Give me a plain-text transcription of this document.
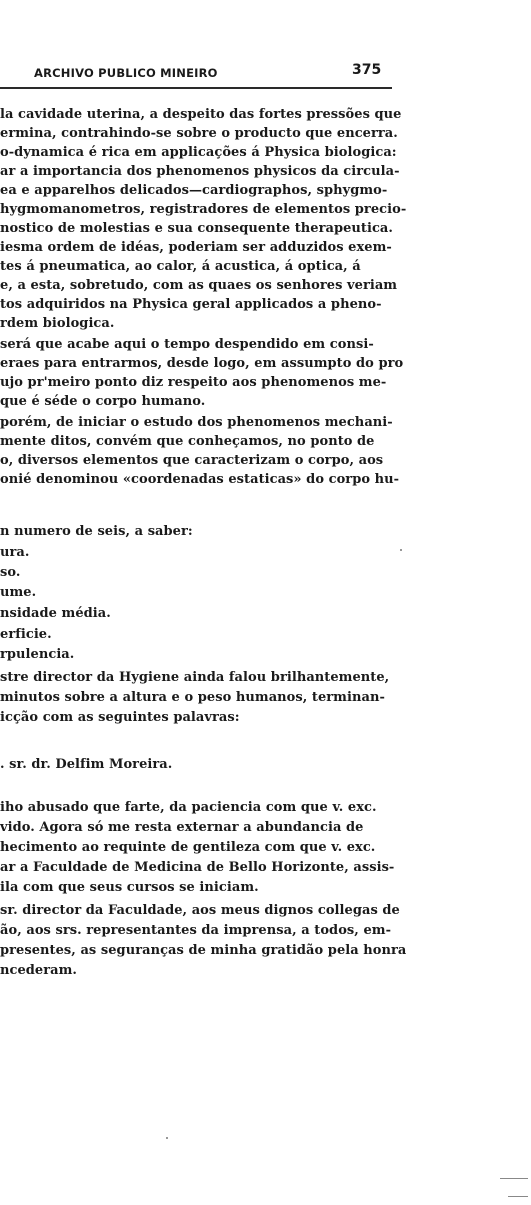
ARCHIVO PUBLICO MINEIRO	375
la cavidade uterina, a despeito das fortes pressões que
ermina, contrahindo-se sobre o producto que encerra.
o-dynamica é rica em applicações á Physica biologica:
ar a importancia dos phenomenos physicos da circula-
ea e apparelhos delicados—cardiographos, sphygmo-
hygmomanometros, registradores de elementos precio-
nostico de molestias e sua consequente therapeutica.
iesma ordem de idéas, poderiam ser adduzidos exem-
tes á pneumatica, ao calor, á acustica, á optica, á
e, a esta, sobretudo, com as quaes os senhores veriam
tos adquiridos na Physica geral applicados a pheno-
rdem biologica.
será que acabe aqui o tempo despendido em consi-
eraes para entrarmos, desde logo, em assumpto do pro
ujo pr'meiro ponto diz respeito aos phenomenos me-
que é séde o corpo humano.
porém, de iniciar o estudo dos phenomenos mechani-
mente ditos, convém que conheçamos, no ponto de
o, diversos elementos que caracterizam o corpo, aos
onié denominou «coordenadas estaticas» do corpo hu-
n numero de seis, a saber:
ura.
so.
ume.
nsidade média.
erficie.
rpulencia.
stre director da Hygiene ainda falou brilhantemente,
minutos sobre a altura e o peso humanos, terminan-
icção com as seguintes palavras:
. sr. dr. Delfim Moreira.
iho abusado que farte, da paciencia com que v. exc.
vido. Agora só me resta externar a abundancia de
hecimento ao requinte de gentileza com que v. exc.
ar a Faculdade de Medicina de Bello Horizonte, assis-
ila com que seus cursos se iniciam.
sr. director da Faculdade, aos meus dignos collegas de
ão, aos srs. representantes da imprensa, a todos, em-
presentes, as seguranças de minha gratidão pela honra
ncederam.
